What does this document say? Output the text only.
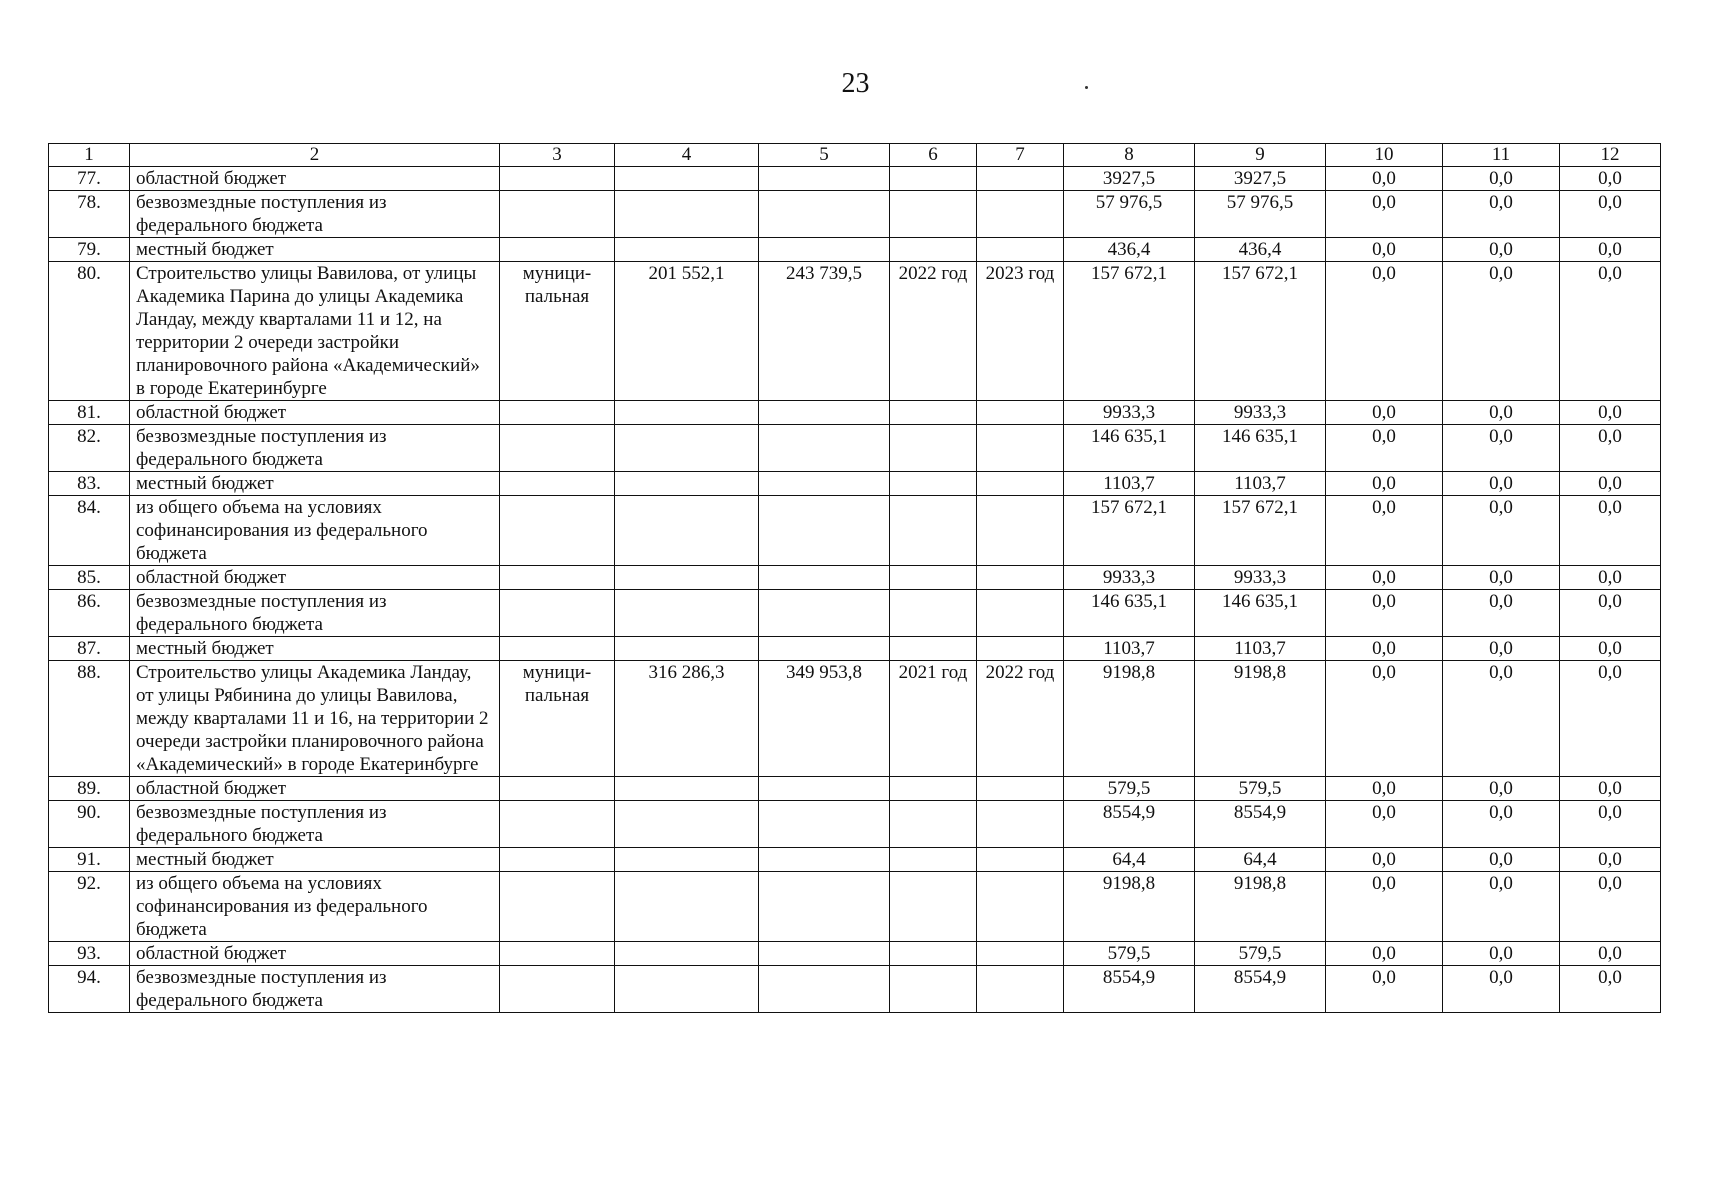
23
1	2	3	4	5	6	7	8	9	10	11	12
77.	областной бюджет						3927,5	3927,5	0,0	0,0	0,0
78.	безвозмездные поступления из федерального бюджета						57 976,5	57 976,5	0,0	0,0	0,0
79.	местный бюджет						436,4	436,4	0,0	0,0	0,0
80.	Строительство улицы Вавилова, от улицы Академика Парина до улицы Академика Ландау, между кварталами 11 и 12, на территории 2 очереди застройки планировочного района «Академический» в городе Екатеринбурге	муници-пальная	201 552,1	243 739,5	2022 год	2023 год	157 672,1	157 672,1	0,0	0,0	0,0
81.	областной бюджет						9933,3	9933,3	0,0	0,0	0,0
82.	безвозмездные поступления из федерального бюджета						146 635,1	146 635,1	0,0	0,0	0,0
83.	местный бюджет						1103,7	1103,7	0,0	0,0	0,0
84.	из общего объема на условиях софинансирования из федерального бюджета						157 672,1	157 672,1	0,0	0,0	0,0
85.	областной бюджет						9933,3	9933,3	0,0	0,0	0,0
86.	безвозмездные поступления из федерального бюджета						146 635,1	146 635,1	0,0	0,0	0,0
87.	местный бюджет						1103,7	1103,7	0,0	0,0	0,0
88.	Строительство улицы Академика Ландау, от улицы Рябинина до улицы Вавилова, между кварталами 11 и 16, на территории 2 очереди застройки планировочного района «Академический» в городе Екатеринбурге	муници-пальная	316 286,3	349 953,8	2021 год	2022 год	9198,8	9198,8	0,0	0,0	0,0
89.	областной бюджет						579,5	579,5	0,0	0,0	0,0
90.	безвозмездные поступления из федерального бюджета						8554,9	8554,9	0,0	0,0	0,0
91.	местный бюджет						64,4	64,4	0,0	0,0	0,0
92.	из общего объема на условиях софинансирования из федерального бюджета						9198,8	9198,8	0,0	0,0	0,0
93.	областной бюджет						579,5	579,5	0,0	0,0	0,0
94.	безвозмездные поступления из федерального бюджета						8554,9	8554,9	0,0	0,0	0,0
